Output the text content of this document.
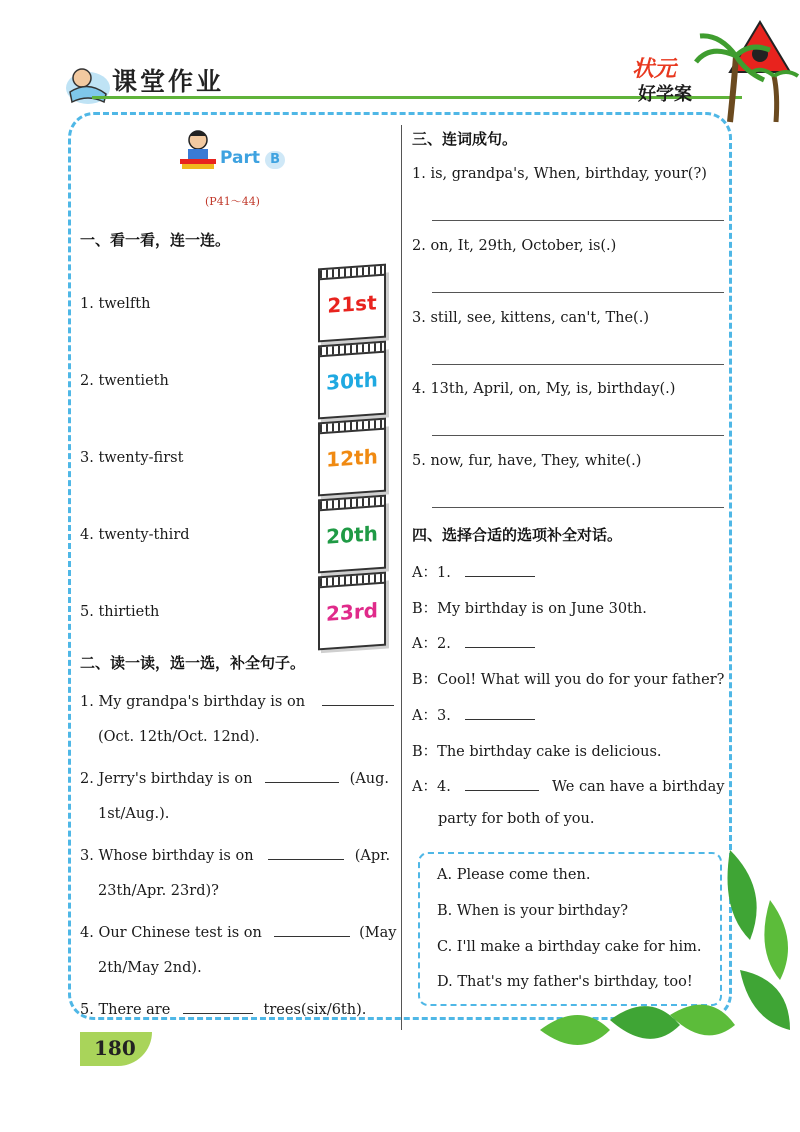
课堂作业	状元
好学案
Part B
(P41～44)
一、看一看，连一连。
1. twelfth
2. twentieth
3. twenty-first
4. twenty-third
5. thirtieth
21st
30th
12th
20th
23rd
二、读一读，选一选，补全句子。
1. My grandpa's birthday is on
(Oct. 12th/Oct. 12nd).
2. Jerry's birthday is on	(Aug.
1st/Aug.).
3. Whose birthday is on	(Apr.
23th/Apr. 23rd)?
4. Our Chinese test is on	(May
2th/May 2nd).
5. There are	trees(six/6th).
三、连词成句。
1. is, grandpa's, When, birthday, your(?)
2. on, It, 29th, October, is(.)
3. still, see, kittens, can't, The(.)
4. 13th, April, on, My, is, birthday(.)
5. now, fur, have, They, white(.)
四、选择合适的选项补全对话。
A：1.
B：My birthday is on June 30th.
A：2.
B：Cool! What will you do for your father?
A：3.
B：The birthday cake is delicious.
A：4.	We can have a birthday
party for both of you.
A. Please come then.
B. When is your birthday?
C. I'll make a birthday cake for him.
D. That's my father's birthday, too!
180
